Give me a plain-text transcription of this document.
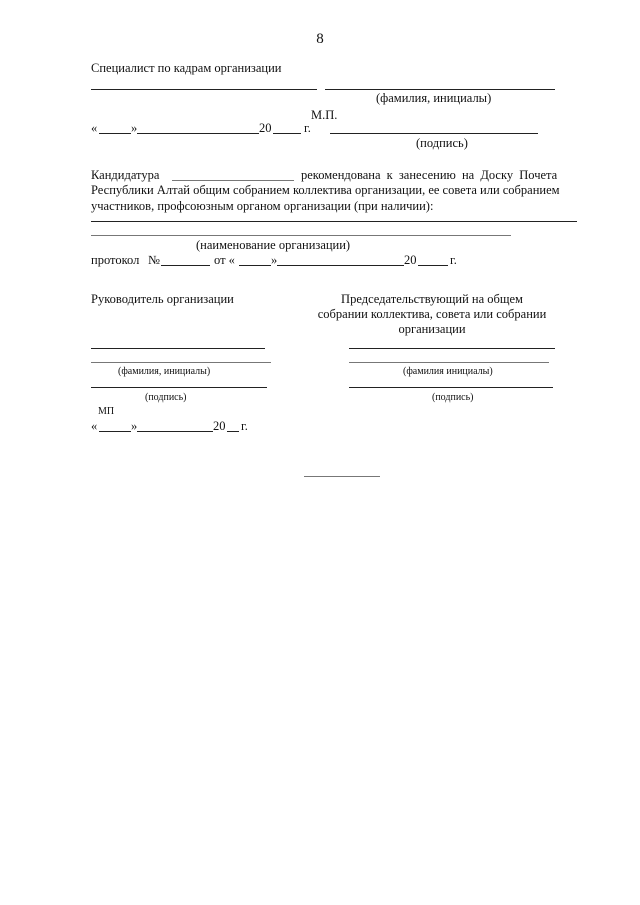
8
Специалист по кадрам организации
(фамилия, инициалы)
М.П.
«	»	20	г.
(подпись)
Кандидатура	рекомендована к занесению на Доску Почета
Республики Алтай общим собранием коллектива организации, ее совета или собранием
участников, профсоюзным органом организации (при наличии):
(наименование организации)
протокол №	от «	»	20	г.
Руководитель организации	Председательствующий на общем
собрании коллектива, совета или собрании
организации
(фамилия, инициалы)
(подпись)
МП
(фамилия инициалы)
(подпись)
«	»	20 г.
